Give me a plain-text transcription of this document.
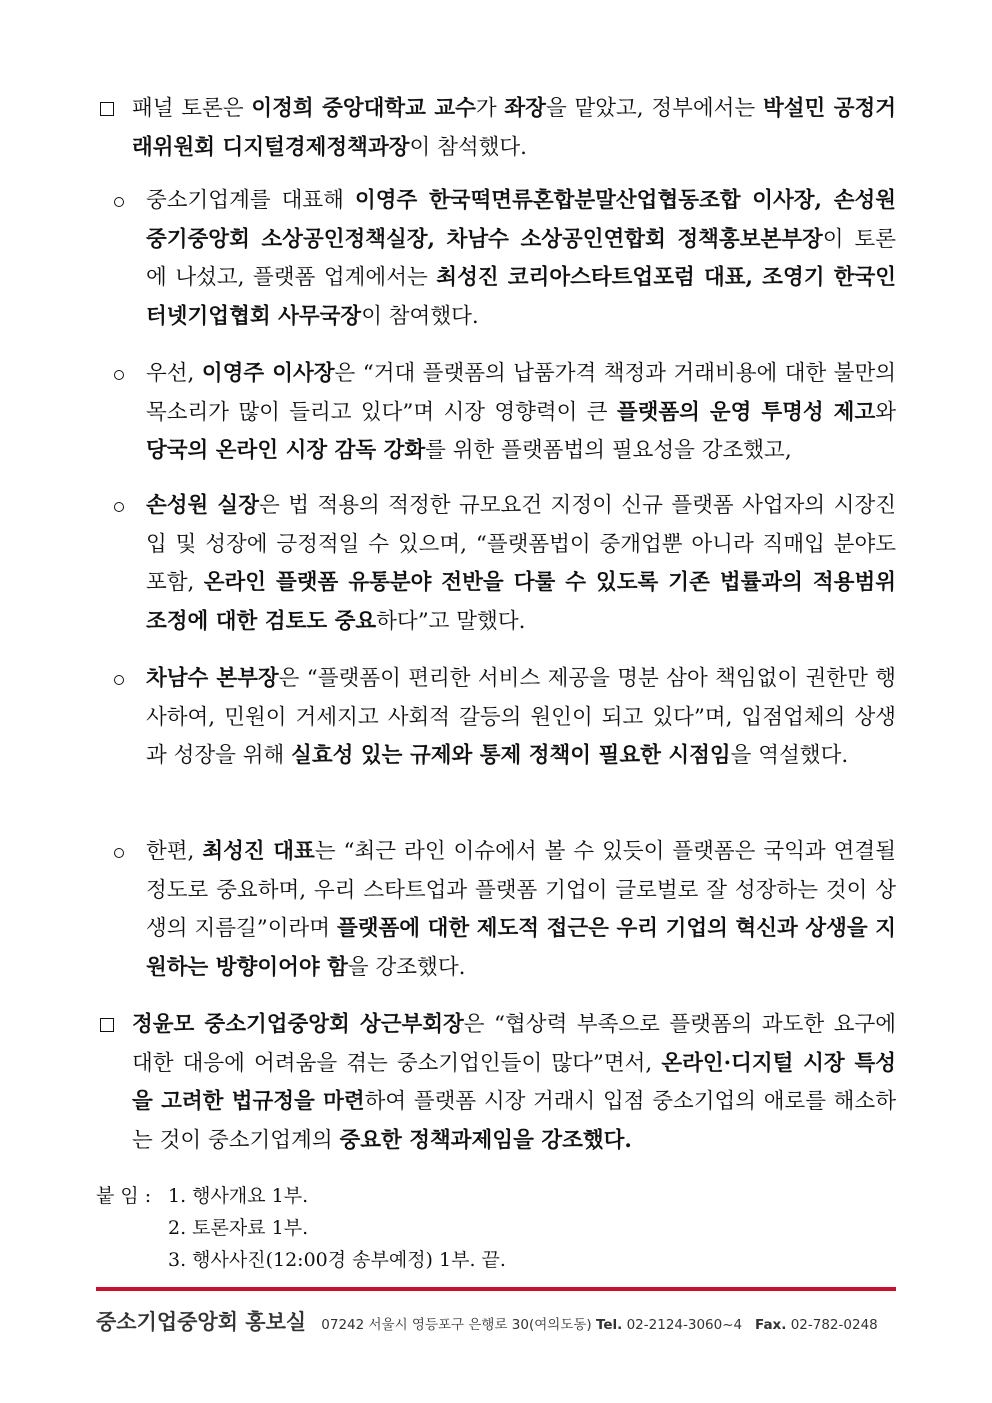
패널 토론은 이정희 중앙대학교 교수가 좌장을 맡았고, 정부에서는 박설민 공정거래위원회 디지털경제정책과장이 참석했다.
중소기업계를 대표해 이영주 한국떡면류혼합분말산업협동조합 이사장, 손성원 중기중앙회 소상공인정책실장, 차남수 소상공인연합회 정책홍보본부장이 토론에 나섰고, 플랫폼 업계에서는 최성진 코리아스타트업포럼 대표, 조영기 한국인터넷기업협회 사무국장이 참여했다.
우선, 이영주 이사장은 “거대 플랫폼의 납품가격 책정과 거래비용에 대한 불만의 목소리가 많이 들리고 있다”며 시장 영향력이 큰 플랫폼의 운영 투명성 제고와 당국의 온라인 시장 감독 강화를 위한 플랫폼법의 필요성을 강조했고,
손성원 실장은 법 적용의 적정한 규모요건 지정이 신규 플랫폼 사업자의 시장진입 및 성장에 긍정적일 수 있으며, “플랫폼법이 중개업뿐 아니라 직매입 분야도 포함, 온라인 플랫폼 유통분야 전반을 다룰 수 있도록 기존 법률과의 적용범위 조정에 대한 검토도 중요하다”고 말했다.
차남수 본부장은 “플랫폼이 편리한 서비스 제공을 명분 삼아 책임없이 권한만 행사하여, 민원이 거세지고 사회적 갈등의 원인이 되고 있다”며, 입점업체의 상생과 성장을 위해 실효성 있는 규제와 통제 정책이 필요한 시점임을 역설했다.
한편, 최성진 대표는 “최근 라인 이슈에서 볼 수 있듯이 플랫폼은 국익과 연결될 정도로 중요하며, 우리 스타트업과 플랫폼 기업이 글로벌로 잘 성장하는 것이 상생의 지름길”이라며 플랫폼에 대한 제도적 접근은 우리 기업의 혁신과 상생을 지원하는 방향이어야 함을 강조했다.
정윤모 중소기업중앙회 상근부회장은 “협상력 부족으로 플랫폼의 과도한 요구에 대한 대응에 어려움을 겪는 중소기업인들이 많다”면서, 온라인·디지털 시장 특성을 고려한 법규정을 마련하여 플랫폼 시장 거래시 입점 중소기업의 애로를 해소하는 것이 중소기업계의 중요한 정책과제임을 강조했다.
붙 임 : 1. 행사개요 1부.
2. 토론자료 1부.
3. 행사사진(12:00경 송부예정) 1부. 끝.
중소기업중앙회 홍보실 07242 서울시 영등포구 은행로 30(여의도동) Tel. 02-2124-3060~4 Fax. 02-782-0248
